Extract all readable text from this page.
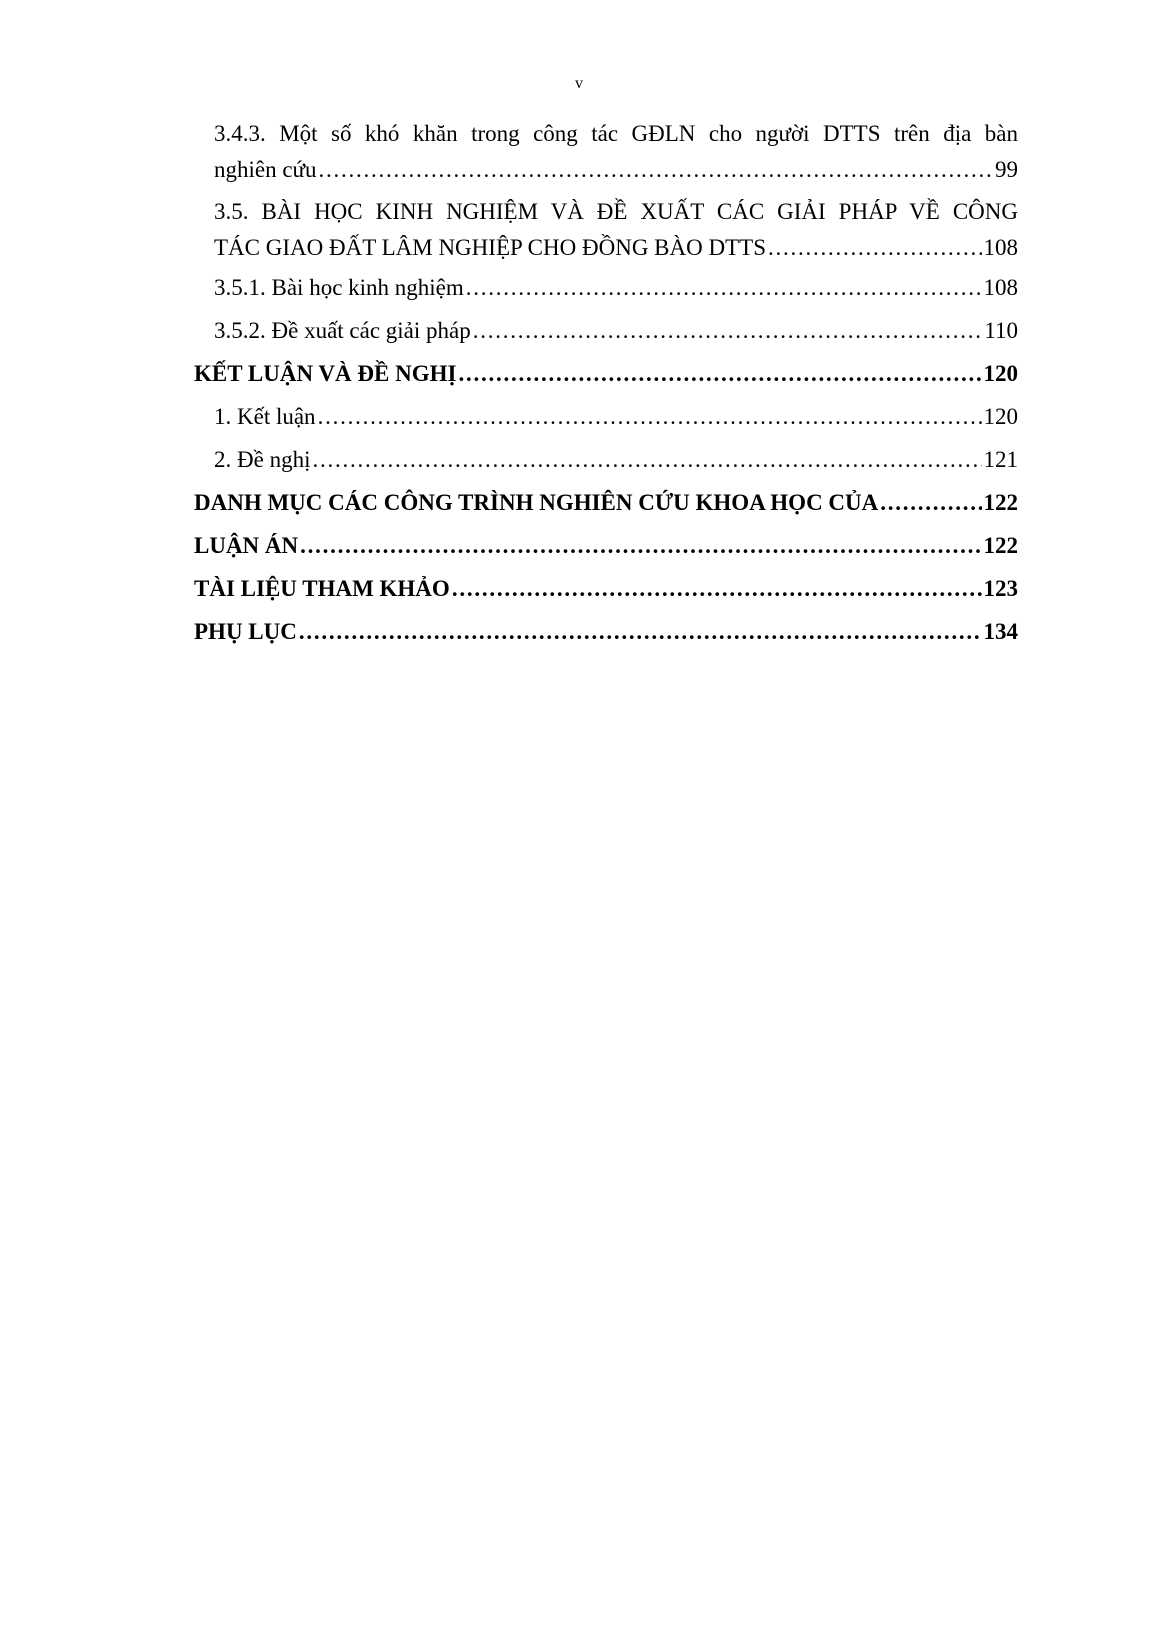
v
3.4.3. Một số khó khăn trong công tác GĐLN cho người DTTS trên địa bàn
nghiên cứu . . .	99
3.5. BÀI HỌC KINH NGHIỆM VÀ ĐỀ XUẤT CÁC GIẢI PHÁP VỀ CÔNG
TÁC GIAO ĐẤT LÂM NGHIỆP CHO ĐỒNG BÀO DTTS . . .	108
3.5.1. Bài học kinh nghiệm . . .	108
3.5.2. Đề xuất các giải pháp . . .	110
KẾT LUẬN VÀ ĐỀ NGHỊ . . .	120
1. Kết luận . . .	120
2. Đề nghị . . .	121
DANH MỤC CÁC CÔNG TRÌNH NGHIÊN CỨU KHOA HỌC CỦA . . .	122
LUẬN ÁN . . .	122
TÀI LIỆU THAM KHẢO . . .	123
PHỤ LỤC . . .	134
